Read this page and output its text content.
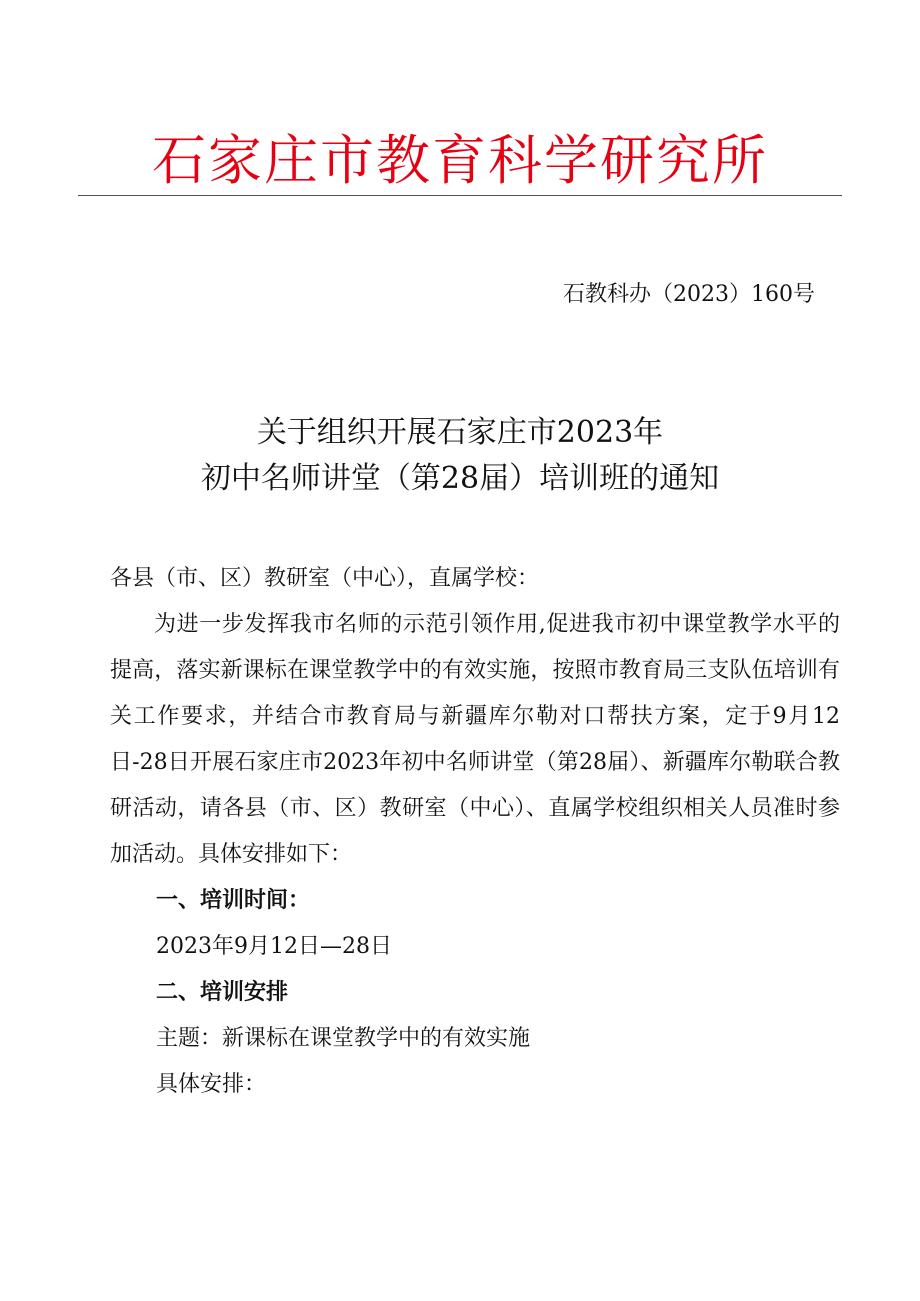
石家庄市教育科学研究所
石教科办（2023）160号
关于组织开展石家庄市2023年
初中名师讲堂（第28届）培训班的通知
各县（市、区）教研室（中心），直属学校：
为进一步发挥我市名师的示范引领作用,促进我市初中课堂教学水平的提高，落实新课标在课堂教学中的有效实施，按照市教育局三支队伍培训有关工作要求，并结合市教育局与新疆库尔勒对口帮扶方案，定于9月12日-28日开展石家庄市2023年初中名师讲堂（第28届）、新疆库尔勒联合教研活动，请各县（市、区）教研室（中心）、直属学校组织相关人员准时参加活动。具体安排如下：
一、培训时间：
2023年9月12日—28日
二、培训安排
主题：新课标在课堂教学中的有效实施
具体安排：
